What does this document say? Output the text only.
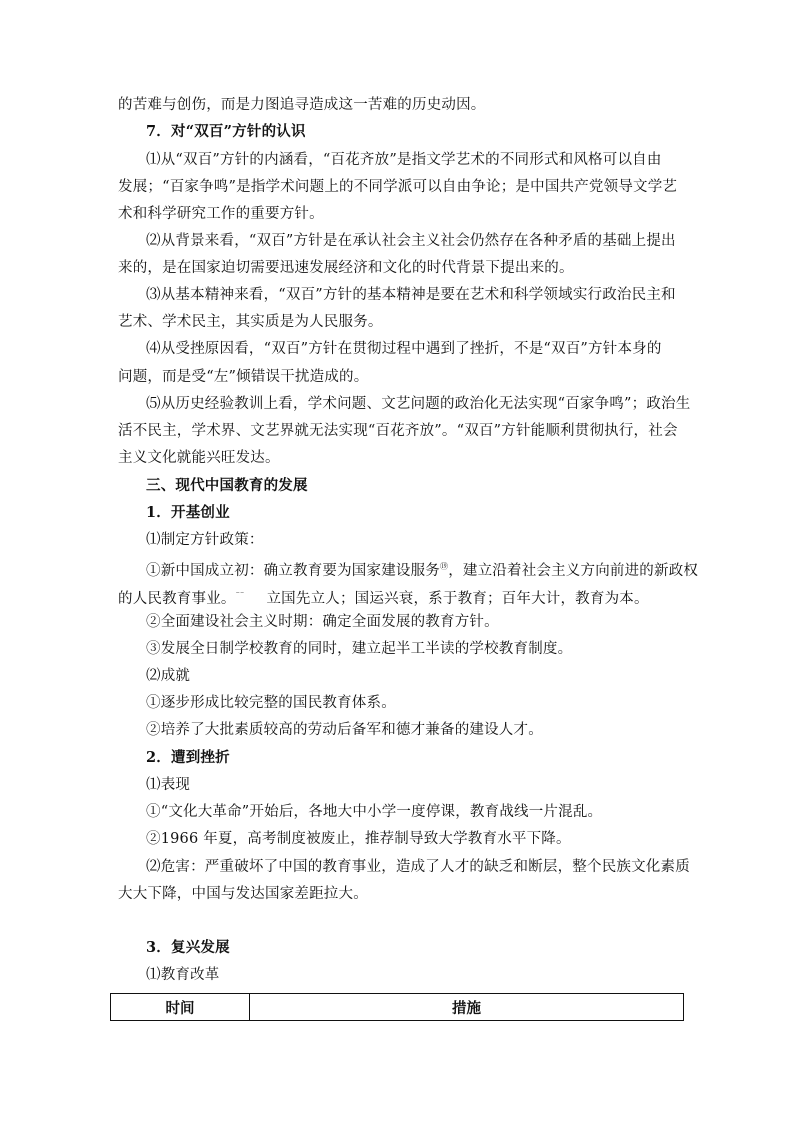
的苦难与创伤，而是力图追寻造成这一苦难的历史动因。
7．对“双百”方针的认识
⑴从“双百”方针的内涵看，“百花齐放”是指文学艺术的不同形式和风格可以自由
发展；“百家争鸣”是指学术问题上的不同学派可以自由争论；是中国共产党领导文学艺
术和科学研究工作的重要方针。
⑵从背景来看，“双百”方针是在承认社会主义社会仍然存在各种矛盾的基础上提出
来的，是在国家迫切需要迅速发展经济和文化的时代背景下提出来的。
⑶从基本精神来看，“双百”方针的基本精神是要在艺术和科学领域实行政治民主和
艺术、学术民主，其实质是为人民服务。
⑷从受挫原因看，“双百”方针在贯彻过程中遇到了挫折，不是“双百”方针本身的
问题，而是受“左”倾错误干扰造成的。
⑸从历史经验教训上看，学术问题、文艺问题的政治化无法实现“百家争鸣”；政治生
活不民主，学术界、文艺界就无法实现“百花齐放”。“双百”方针能顺利贯彻执行，社会
主义文化就能兴旺发达。
三、现代中国教育的发展
1．开基创业
⑴制定方针政策：
①新中国成立初：确立教育要为国家建设服务⑲，建立沿着社会主义方向前进的新政权
的人民教育事业。⁻⁻ 立国先立人；国运兴衰，系于教育；百年大计，教育为本。
②全面建设社会主义时期：确定全面发展的教育方针。
③发展全日制学校教育的同时，建立起半工半读的学校教育制度。
⑵成就
①逐步形成比较完整的国民教育体系。
②培养了大批素质较高的劳动后备军和德才兼备的建设人才。
2．遭到挫折
⑴表现
①“文化大革命”开始后，各地大中小学一度停课，教育战线一片混乱。
②1966 年夏，高考制度被废止，推荐制导致大学教育水平下降。
⑵危害：严重破坏了中国的教育事业，造成了人才的缺乏和断层，整个民族文化素质
大大下降，中国与发达国家差距拉大。
3．复兴发展
⑴教育改革
时间	措施
